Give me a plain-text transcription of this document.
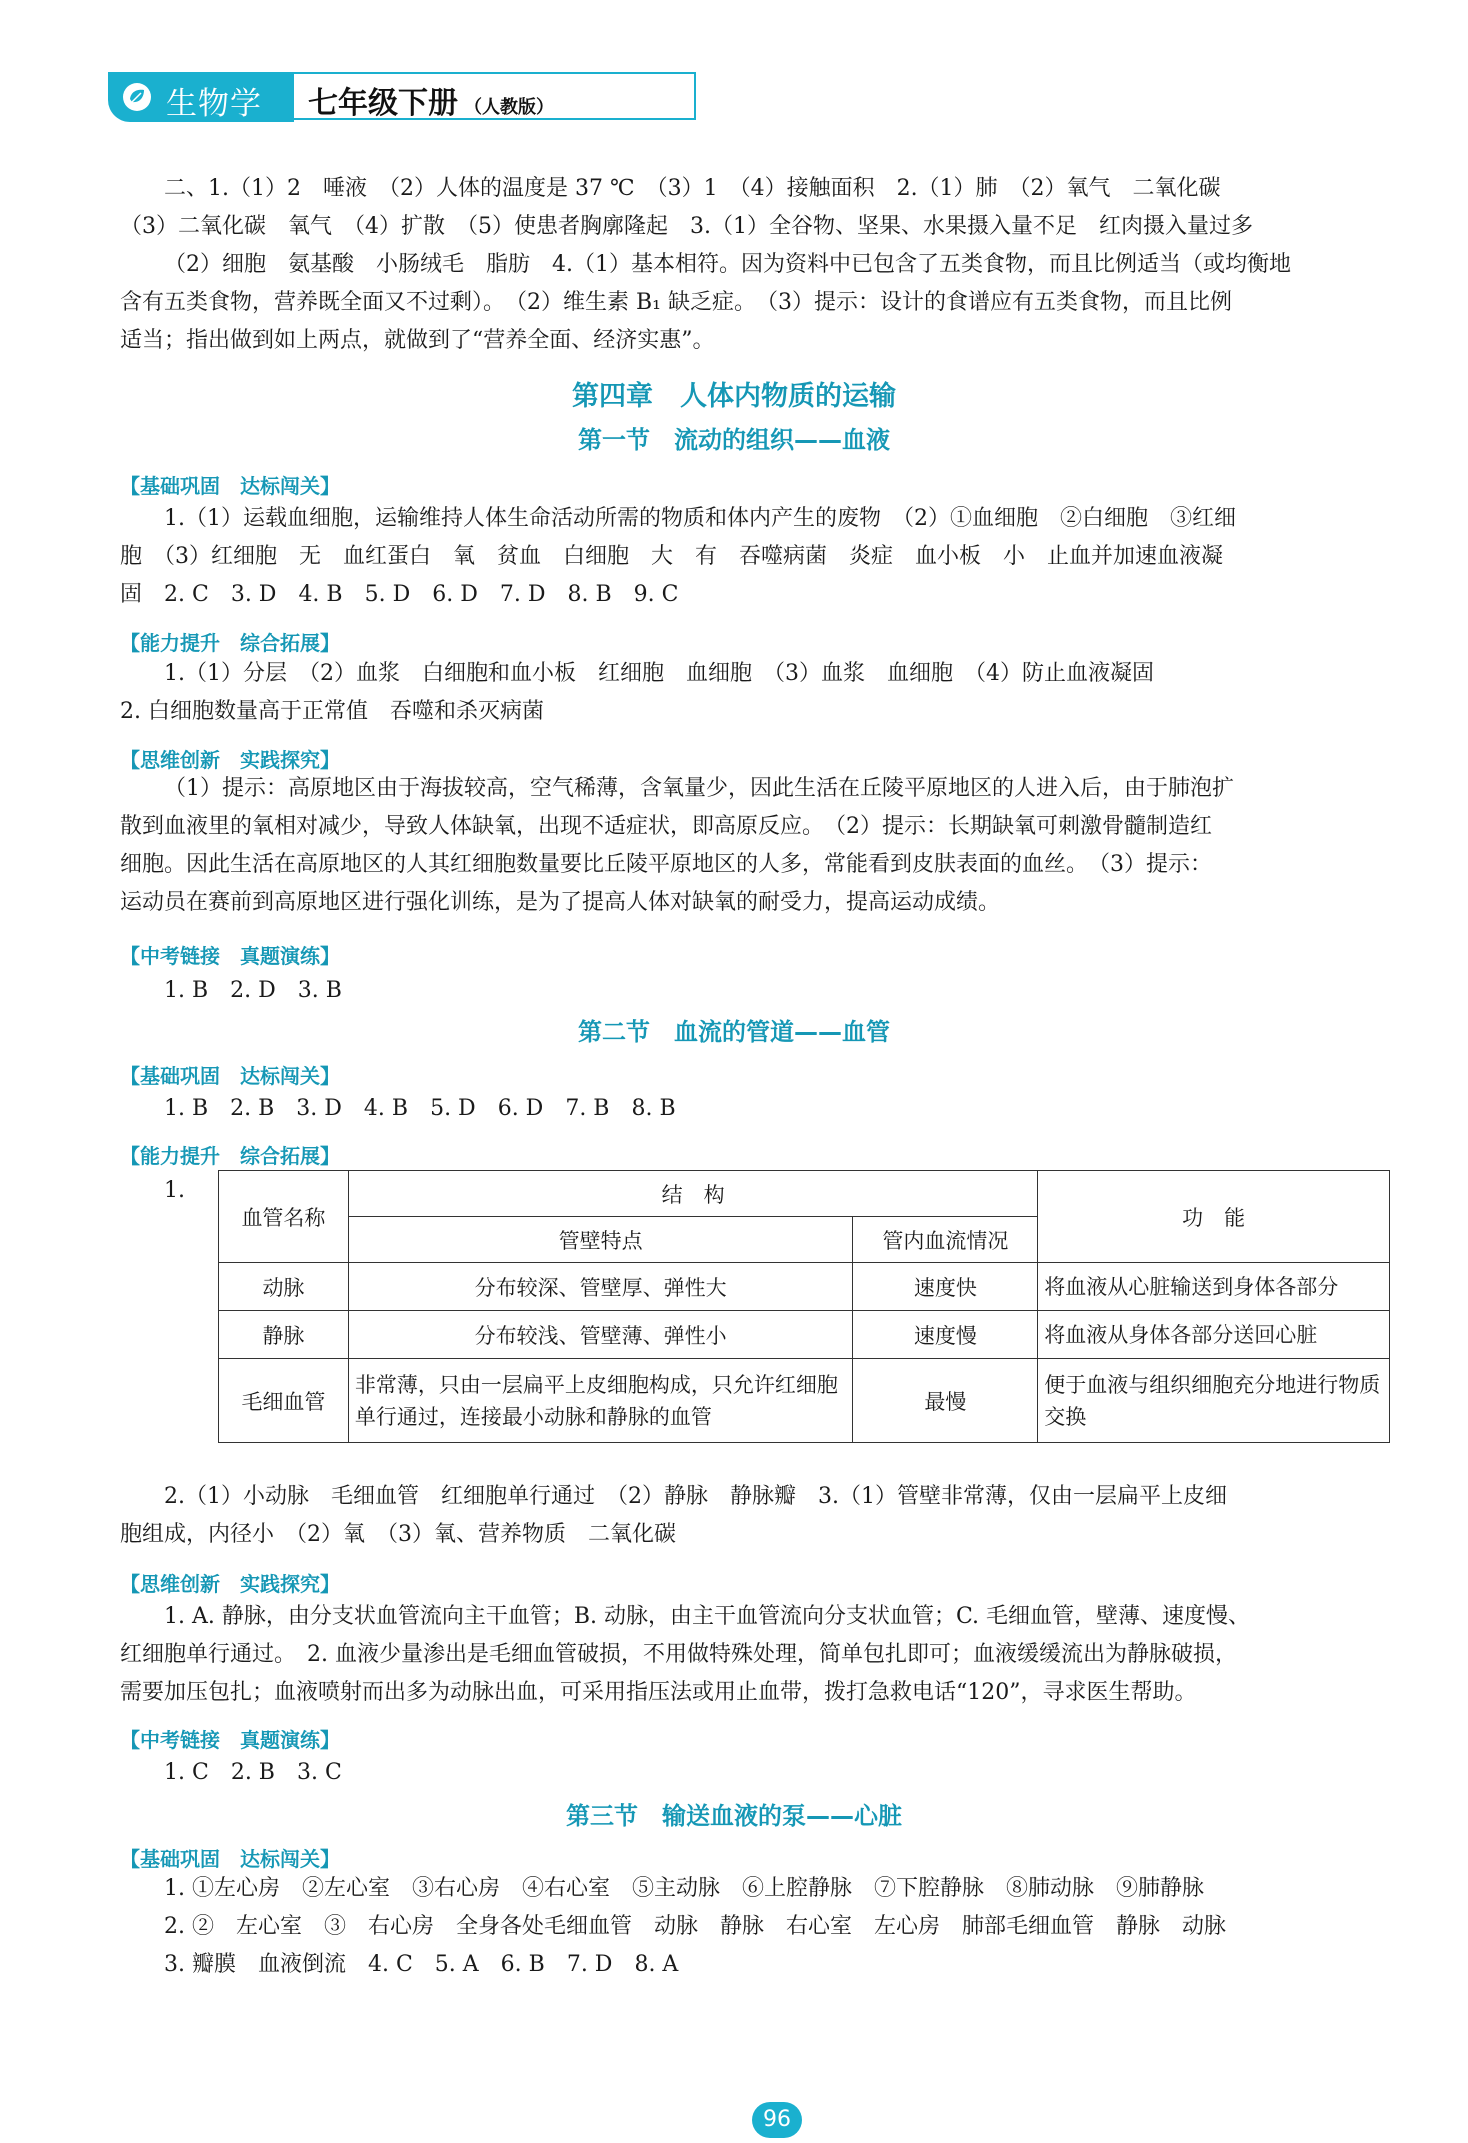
生物学 七年级下册 （人教版）

二、1.（1）2　唾液　（2）人体的温度是 37 ℃　（3）1　（4）接触面积　2.（1）肺　（2）氧气　二氧化碳

（3）二氧化碳　氧气　（4）扩散　（5）使患者胸廓隆起　3.（1）全谷物、坚果、水果摄入量不足　红肉摄入量过多

（2）细胞　氨基酸　小肠绒毛　脂肪　4.（1）基本相符。因为资料中已包含了五类食物，而且比例适当（或均衡地

含有五类食物，营养既全面又不过剩）。　（2）维生素 B₁ 缺乏症。　（3）提示：设计的食谱应有五类食物，而且比例

适当；指出做到如上两点，就做到了“营养全面、经济实惠”。

第四章　人体内物质的运输
第一节　流动的组织——血液
【基础巩固　达标闯关】

1.（1）运载血细胞，运输维持人体生命活动所需的物质和体内产生的废物　（2）①血细胞　②白细胞　③红细

胞　（3）红细胞　无　血红蛋白　氧　贫血　白细胞　大　有　吞噬病菌　炎症　血小板　小　止血并加速血液凝

固　2. C　3. D　4. B　5. D　6. D　7. D　8. B　9. C

【能力提升　综合拓展】

1.（1）分层　（2）血浆　白细胞和血小板　红细胞　血细胞　（3）血浆　血细胞　（4）防止血液凝固

2. 白细胞数量高于正常值　吞噬和杀灭病菌

【思维创新　实践探究】

（1）提示：高原地区由于海拔较高，空气稀薄，含氧量少，因此生活在丘陵平原地区的人进入后，由于肺泡扩

散到血液里的氧相对减少，导致人体缺氧，出现不适症状，即高原反应。　（2）提示：长期缺氧可刺激骨髓制造红

细胞。因此生活在高原地区的人其红细胞数量要比丘陵平原地区的人多，常能看到皮肤表面的血丝。　（3）提示：

运动员在赛前到高原地区进行强化训练，是为了提高人体对缺氧的耐受力，提高运动成绩。

【中考链接　真题演练】

1. B　2. D　3. B

第二节　血流的管道——血管
【基础巩固　达标闯关】

1. B　2. B　3. D　4. B　5. D　6. D　7. B　8. B

【能力提升　综合拓展】

1.

血管名称	结　构		功　能
	管壁特点	管内血流情况	
动脉	分布较深、管壁厚、弹性大	速度快	将血液从心脏输送到身体各部分
静脉	分布较浅、管壁薄、弹性小	速度慢	将血液从身体各部分送回心脏
毛细血管	非常薄，只由一层扁平上皮细胞构成，只允许红细胞单行通过，连接最小动脉和静脉的血管	最慢	便于血液与组织细胞充分地进行物质交换

2.（1）小动脉　毛细血管　红细胞单行通过　（2）静脉　静脉瓣　3.（1）管壁非常薄，仅由一层扁平上皮细

胞组成，内径小　（2）氧　（3）氧、营养物质　二氧化碳

【思维创新　实践探究】

1. A. 静脉，由分支状血管流向主干血管；B. 动脉，由主干血管流向分支状血管；C. 毛细血管，壁薄、速度慢、

红细胞单行通过。　2. 血液少量渗出是毛细血管破损，不用做特殊处理，简单包扎即可；血液缓缓流出为静脉破损，

需要加压包扎；血液喷射而出多为动脉出血，可采用指压法或用止血带，拨打急救电话“120”，寻求医生帮助。

【中考链接　真题演练】

1. C　2. B　3. C

第三节　输送血液的泵——心脏
【基础巩固　达标闯关】

1. ①左心房　②左心室　③右心房　④右心室　⑤主动脉　⑥上腔静脉　⑦下腔静脉　⑧肺动脉　⑨肺静脉

2. ②　左心室　③　右心房　全身各处毛细血管　动脉　静脉　右心室　左心房　肺部毛细血管　静脉　动脉

3. 瓣膜　血液倒流　4. C　5. A　6. B　7. D　8. A

96
